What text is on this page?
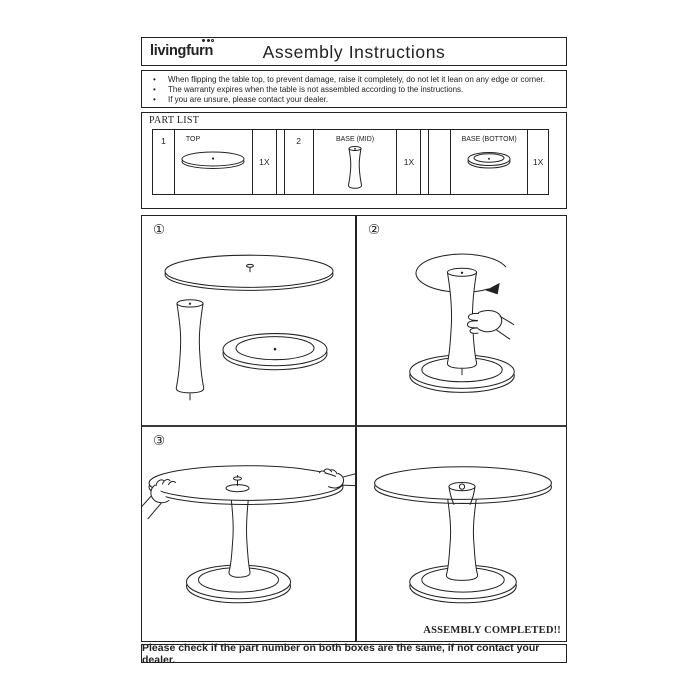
livingfurn	Assembly Instructions
• When flipping the table top, to prevent damage, raise it completely, do not let it lean on any edge or corner.
• The warranty expires when the table is not assembled according to the instructions.
• If you are unsure, please contact your dealer.
PART LIST
1	TOP
1X
2	BASE (MID)
1X
BASE (BOTTOM)
1X
①	②
③
ASSEMBLY COMPLETED!!
Please check if the part number on both boxes are the same, if not contact your dealer.
